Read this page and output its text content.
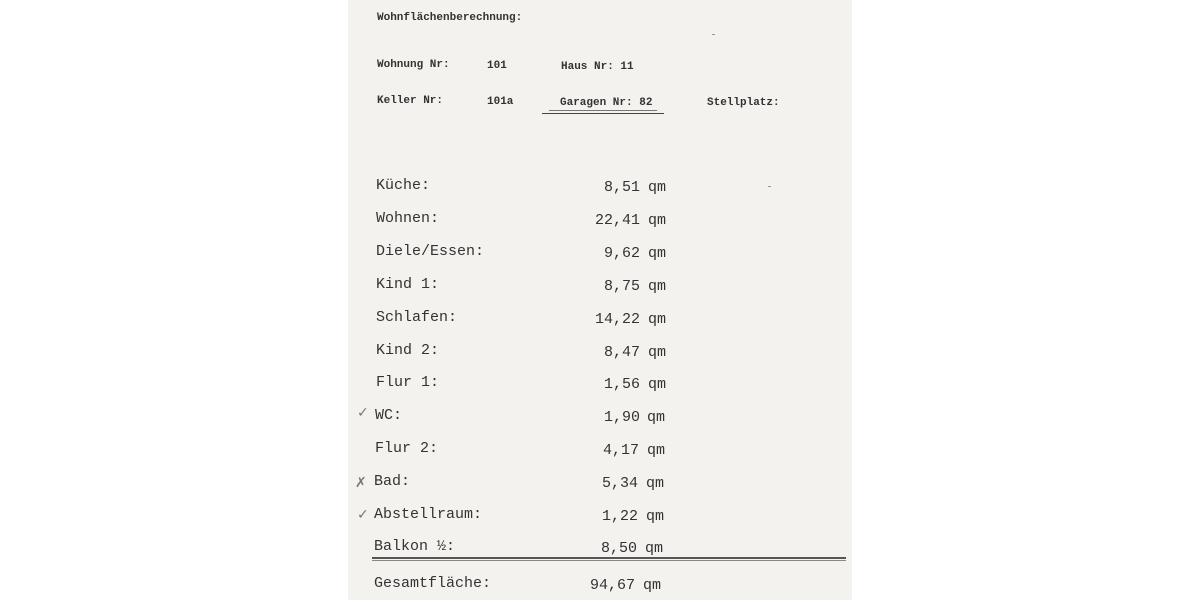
Wohnflächenberechnung:
Wohnung Nr:	101	Haus Nr: 11
Keller Nr:	101a	Garagen Nr: 82	Stellplatz:
Küche:	8,51 qm
Wohnen:	22,41 qm
Diele/Essen:	9,62 qm
Kind 1:	8,75 qm
Schlafen:	14,22 qm
Kind 2:	8,47 qm
Flur 1:	1,56 qm
✓ WC:	1,90 qm
Flur 2:	4,17 qm
✗ Bad:	5,34 qm
✓ Abstellraum:	1,22 qm
Balkon ½:	8,50 qm
Gesamtfläche:	94,67 qm
